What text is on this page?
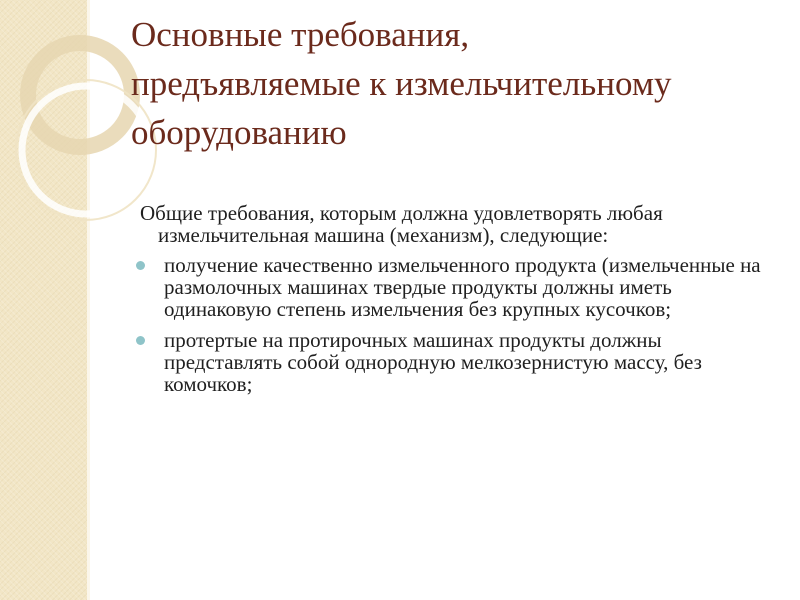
Основные требования,
предъявляемые к измельчительному
оборудованию

Общие требования, которым должна удовлетворять любая измельчительная машина (механизм), следующие:

получение качественно измельченного продукта (измельченные на размолочных машинах твердые продукты должны иметь одинаковую степень измельчения без крупных кусочков;
протертые на протирочных машинах продукты должны представлять собой однородную мелкозернистую массу, без комочков;
